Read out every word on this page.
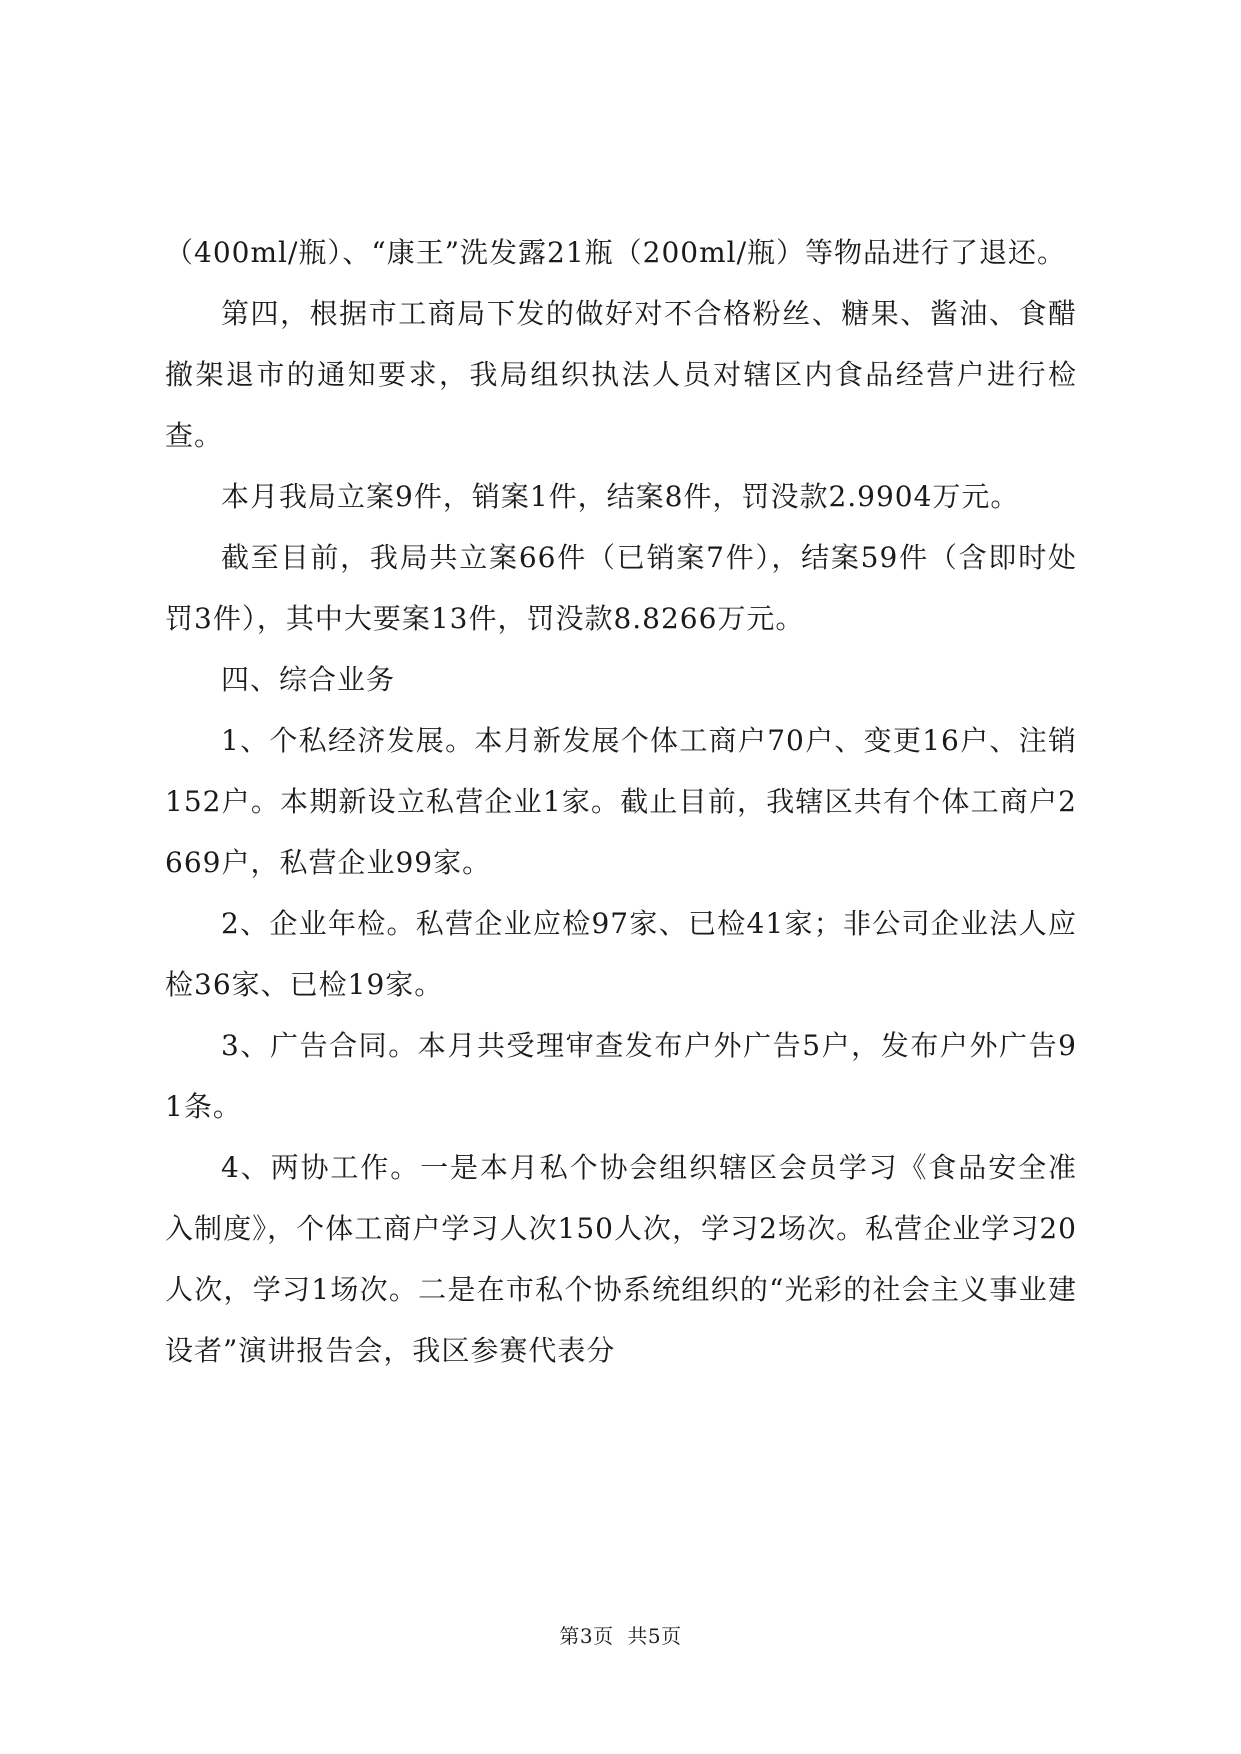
（400ml/瓶）、“康王”洗发露21瓶（200ml/瓶）等物品进行了退还。

第四，根据市工商局下发的做好对不合格粉丝、糖果、酱油、食醋撤架退市的通知要求，我局组织执法人员对辖区内食品经营户进行检查。

本月我局立案9件，销案1件，结案8件，罚没款2.9904万元。

截至目前，我局共立案66件（已销案7件），结案59件（含即时处罚3件），其中大要案13件，罚没款8.8266万元。

四、综合业务

1、个私经济发展。本月新发展个体工商户70户、变更16户、注销152户。本期新设立私营企业1家。截止目前，我辖区共有个体工商户2669户，私营企业99家。

2、企业年检。私营企业应检97家、已检41家；非公司企业法人应检36家、已检19家。

3、广告合同。本月共受理审查发布户外广告5户，发布户外广告91条。

4、两协工作。一是本月私个协会组织辖区会员学习《食品安全准入制度》，个体工商户学习人次150人次，学习2场次。私营企业学习20人次，学习1场次。二是在市私个协系统组织的“光彩的社会主义事业建设者”演讲报告会，我区参赛代表分

第3页 共5页
